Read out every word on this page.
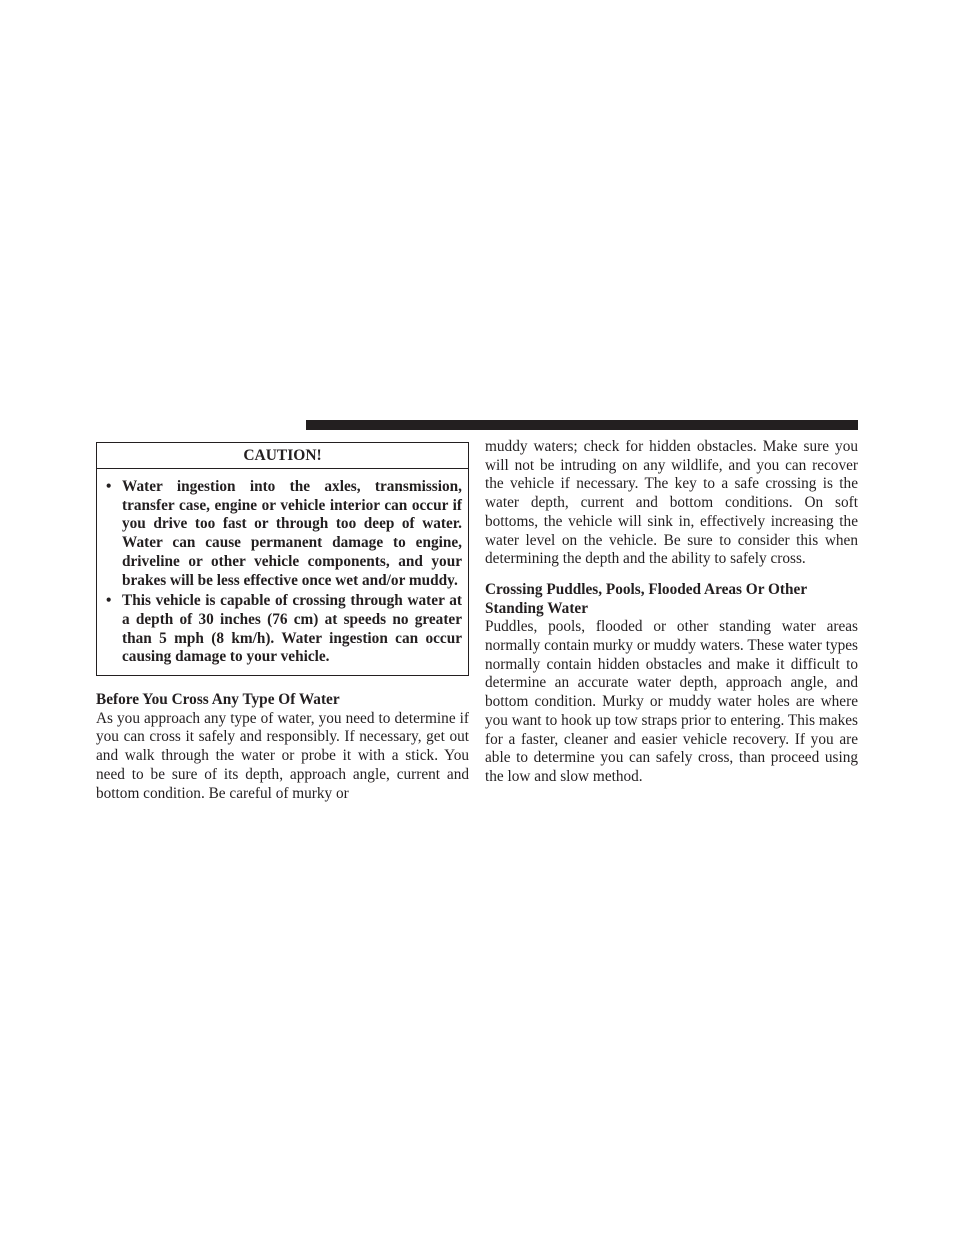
CAUTION!
• Water ingestion into the axles, transmission, transfer case, engine or vehicle interior can occur if you drive too fast or through too deep of water. Water can cause permanent damage to engine, driveline or other vehicle components, and your brakes will be less effective once wet and/or muddy.
• This vehicle is capable of crossing through water at a depth of 30 inches (76 cm) at speeds no greater than 5 mph (8 km/h). Water ingestion can occur causing damage to your vehicle.
Before You Cross Any Type Of Water

As you approach any type of water, you need to determine if you can cross it safely and responsibly. If necessary, get out and walk through the water or probe it with a stick. You need to be sure of its depth, approach angle, current and bottom condition. Be careful of murky or

muddy waters; check for hidden obstacles. Make sure you will not be intruding on any wildlife, and you can recover the vehicle if necessary. The key to a safe crossing is the water depth, current and bottom conditions. On soft bottoms, the vehicle will sink in, effectively increasing the water level on the vehicle. Be sure to consider this when determining the depth and the ability to safely cross.

Crossing Puddles, Pools, Flooded Areas Or Other Standing Water

Puddles, pools, flooded or other standing water areas normally contain murky or muddy waters. These water types normally contain hidden obstacles and make it difficult to determine an accurate water depth, approach angle, and bottom condition. Murky or muddy water holes are where you want to hook up tow straps prior to entering. This makes for a faster, cleaner and easier vehicle recovery. If you are able to determine you can safely cross, than proceed using the low and slow method.
